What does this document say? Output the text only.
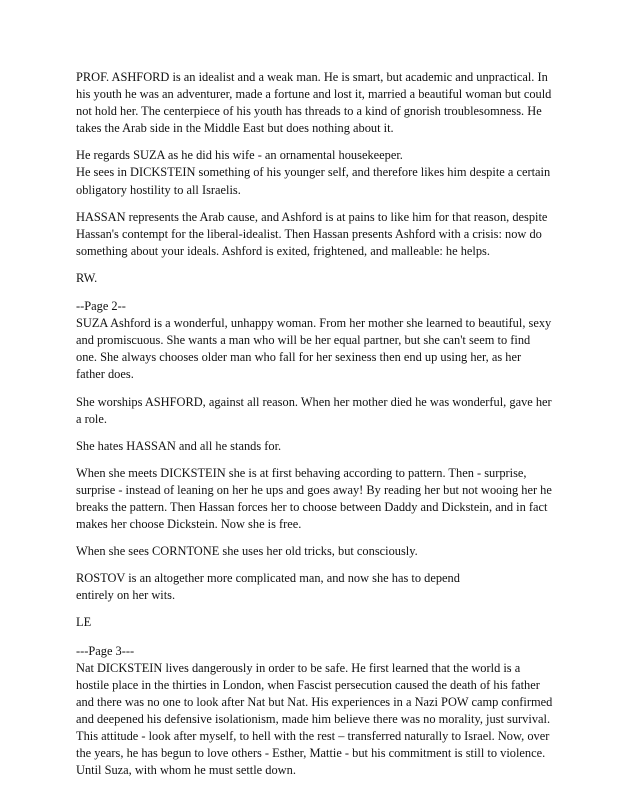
PROF. ASHFORD is an idealist and a weak man. He is smart, but academic and unpractical. In
his youth he was an adventurer, made a fortune and lost it, married a beautiful woman but could
not hold her. The centerpiece of his youth has threads to a kind of gnorish troublesomness. He
takes the Arab side in the Middle East but does nothing about it.
He regards SUZA as he did his wife - an ornamental housekeeper.
He sees in DICKSTEIN something of his younger self, and therefore likes him despite a certain
obligatory hostility to all Israelis.
HASSAN represents the Arab cause, and Ashford is at pains to like him for that reason, despite
Hassan's contempt for the liberal-idealist. Then Hassan presents Ashford with a crisis: now do
something about your ideals. Ashford is exited, frightened, and malleable: he helps.
RW.
--Page 2--
SUZA Ashford is a wonderful, unhappy woman. From her mother she learned to beautiful, sexy
and promiscuous. She wants a man who will be her equal partner, but she can't seem to find
one. She always chooses older man who fall for her sexiness then end up using her, as her
father does.
She worships ASHFORD, against all reason. When her mother died he was wonderful, gave her
a role.
She hates HASSAN and all he stands for.
When she meets DICKSTEIN she is at first behaving according to pattern. Then - surprise,
surprise - instead of leaning on her he ups and goes away! By reading her but not wooing her he
breaks the pattern. Then Hassan forces her to choose between Daddy and Dickstein, and in fact
makes her choose Dickstein. Now she is free.
When she sees CORNTONE she uses her old tricks, but consciously.
ROSTOV is an altogether more complicated man, and now she has to depend
entirely on her wits.
LE
---Page 3---
Nat DICKSTEIN lives dangerously in order to be safe. He first learned that the world is a
hostile place in the thirties in London, when Fascist persecution caused the death of his father
and there was no one to look after Nat but Nat. His experiences in a Nazi POW camp confirmed
and deepened his defensive isolationism, made him believe there was no morality, just survival.
This attitude - look after myself, to hell with the rest – transferred naturally to Israel. Now, over
the years, he has begun to love others - Esther, Mattie - but his commitment is still to violence.
Until Suza, with whom he must settle down.
